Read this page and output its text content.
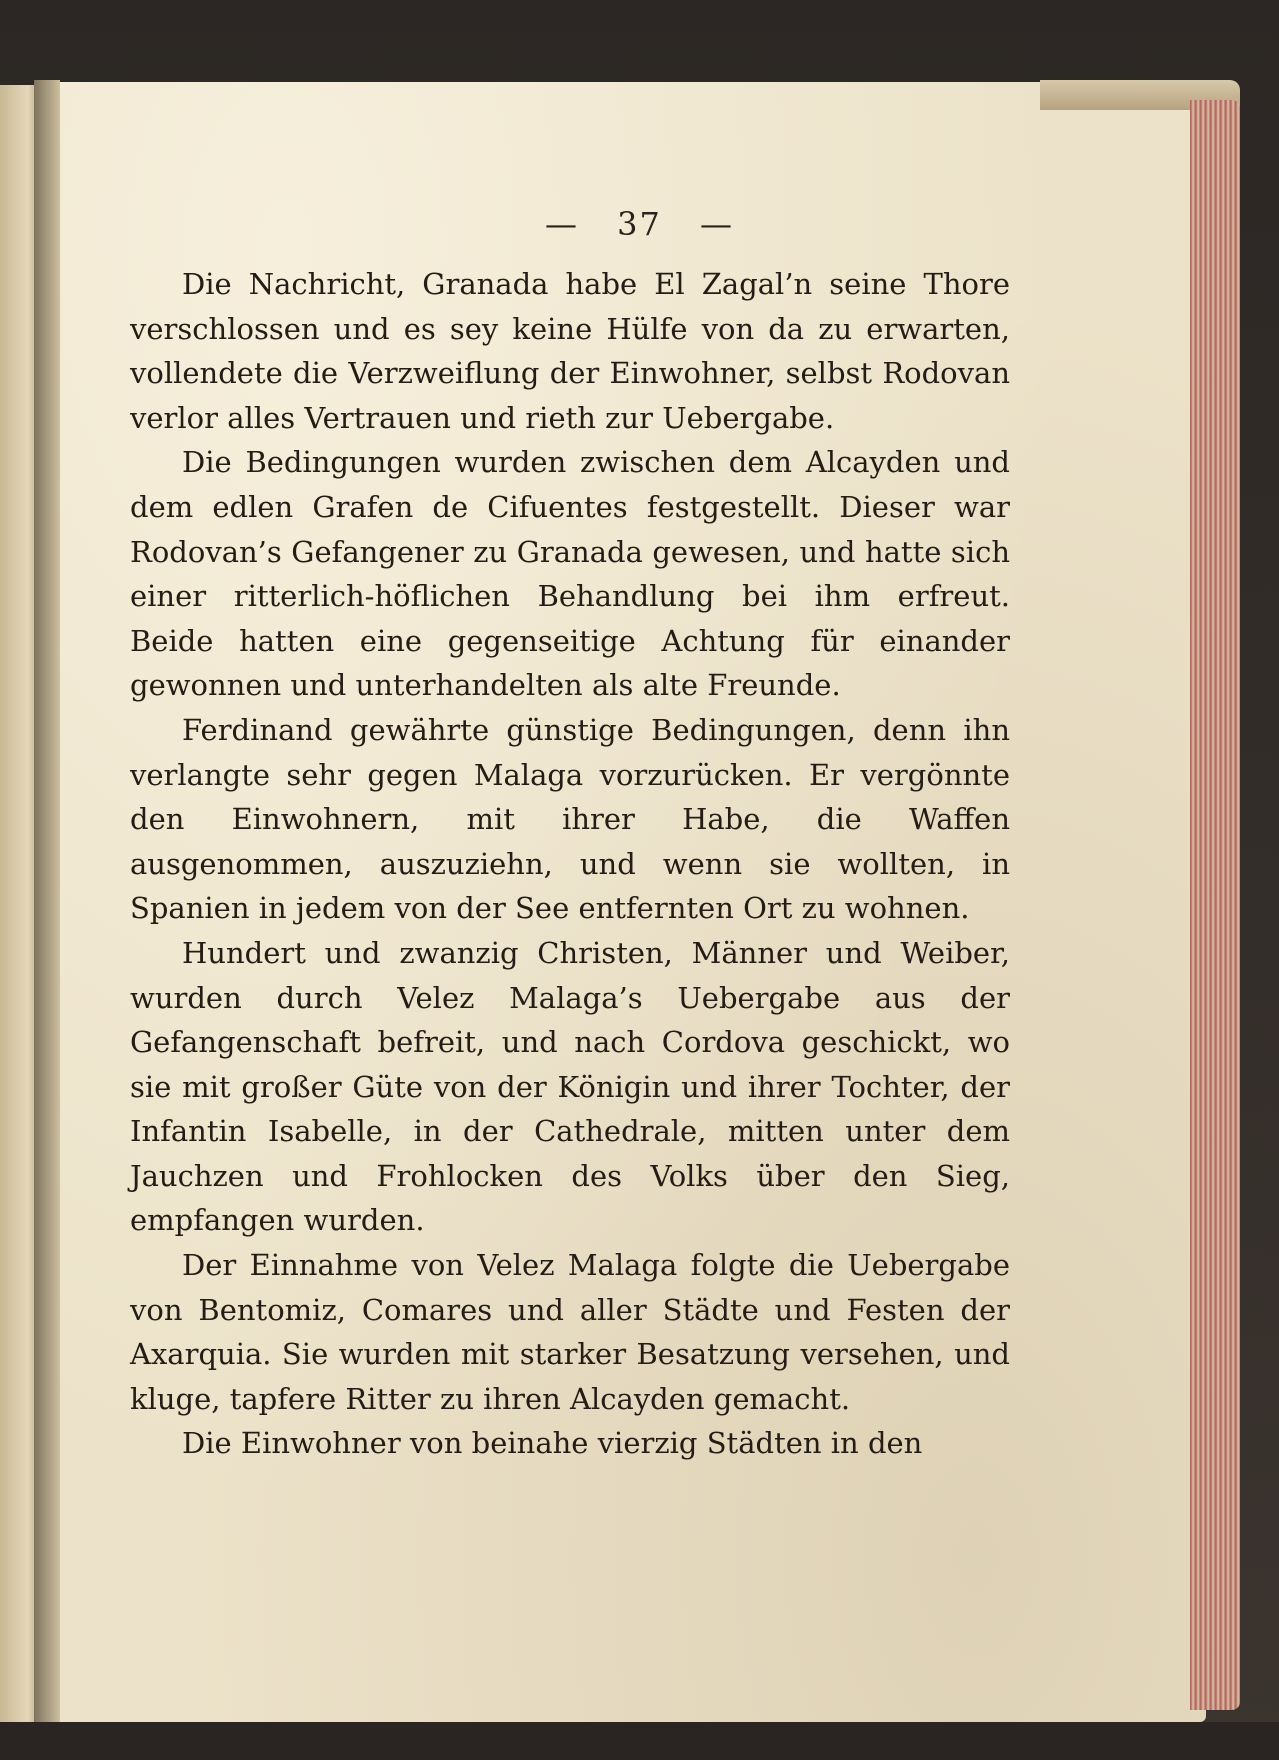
— 37 —

Die Nachricht, Granada habe El Zagal’n seine Thore verschlossen und es sey keine Hülfe von da zu erwarten, vollendete die Verzweiflung der Einwohner, selbst Rodovan verlor alles Vertrauen und rieth zur Uebergabe.

Die Bedingungen wurden zwischen dem Alcayden und dem edlen Grafen de Cifuentes festgestellt. Dieser war Rodovan’s Gefangener zu Granada gewesen, und hatte sich einer ritterlich-höflichen Behandlung bei ihm erfreut. Beide hatten eine gegenseitige Achtung für einander gewonnen und unterhandelten als alte Freunde.

Ferdinand gewährte günstige Bedingungen, denn ihn verlangte sehr gegen Malaga vorzurücken. Er vergönnte den Einwohnern, mit ihrer Habe, die Waffen ausgenommen, auszuziehn, und wenn sie wollten, in Spanien in jedem von der See entfernten Ort zu wohnen.

Hundert und zwanzig Christen, Männer und Weiber, wurden durch Velez Malaga’s Uebergabe aus der Gefangenschaft befreit, und nach Cordova geschickt, wo sie mit großer Güte von der Königin und ihrer Tochter, der Infantin Isabelle, in der Cathedrale, mitten unter dem Jauchzen und Frohlocken des Volks über den Sieg, empfangen wurden.

Der Einnahme von Velez Malaga folgte die Uebergabe von Bentomiz, Comares und aller Städte und Festen der Axarquia. Sie wurden mit starker Besatzung versehen, und kluge, tapfere Ritter zu ihren Alcayden gemacht.

Die Einwohner von beinahe vierzig Städten in den
